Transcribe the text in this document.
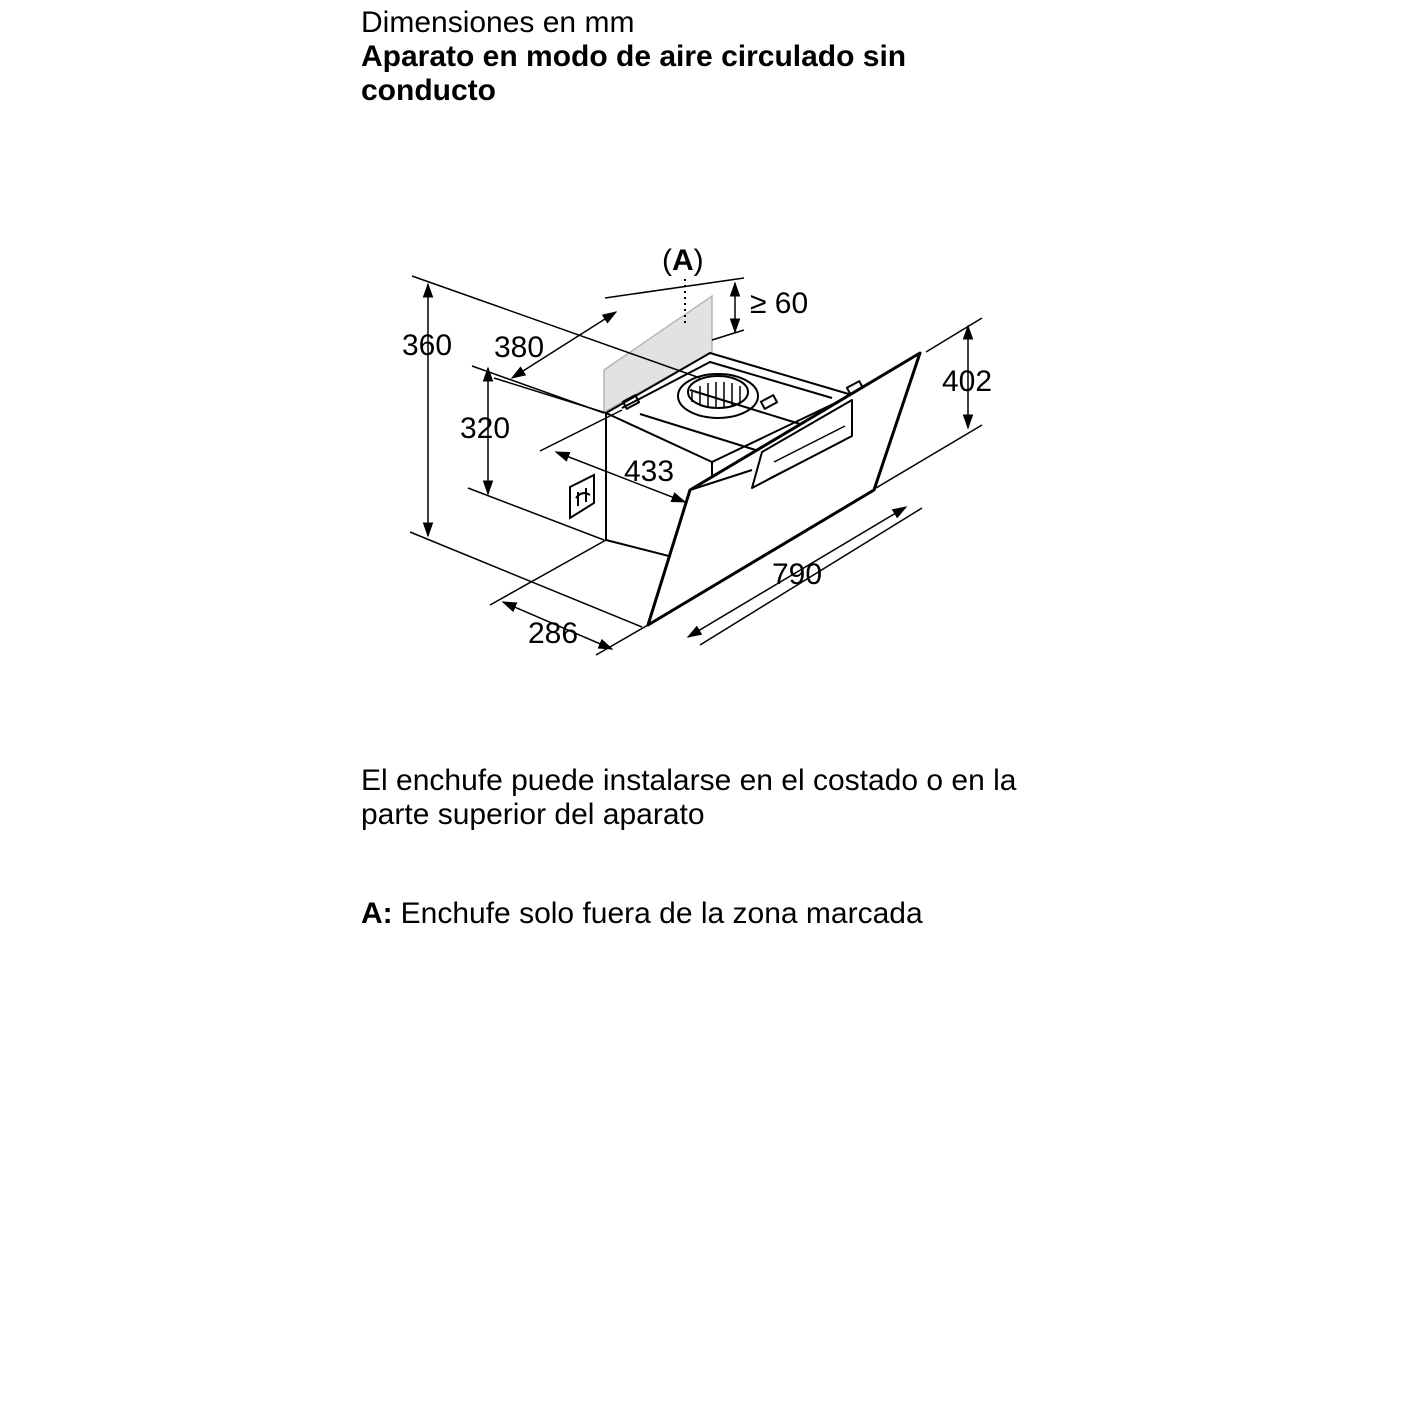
Dimensiones en mm
Aparato en modo de aire circulado sin conducto
(A)
360 380
320
≥ 60
402
433
790
286
El enchufe puede instalarse en el costado o en la parte superior del aparato
A: Enchufe solo fuera de la zona marcada
